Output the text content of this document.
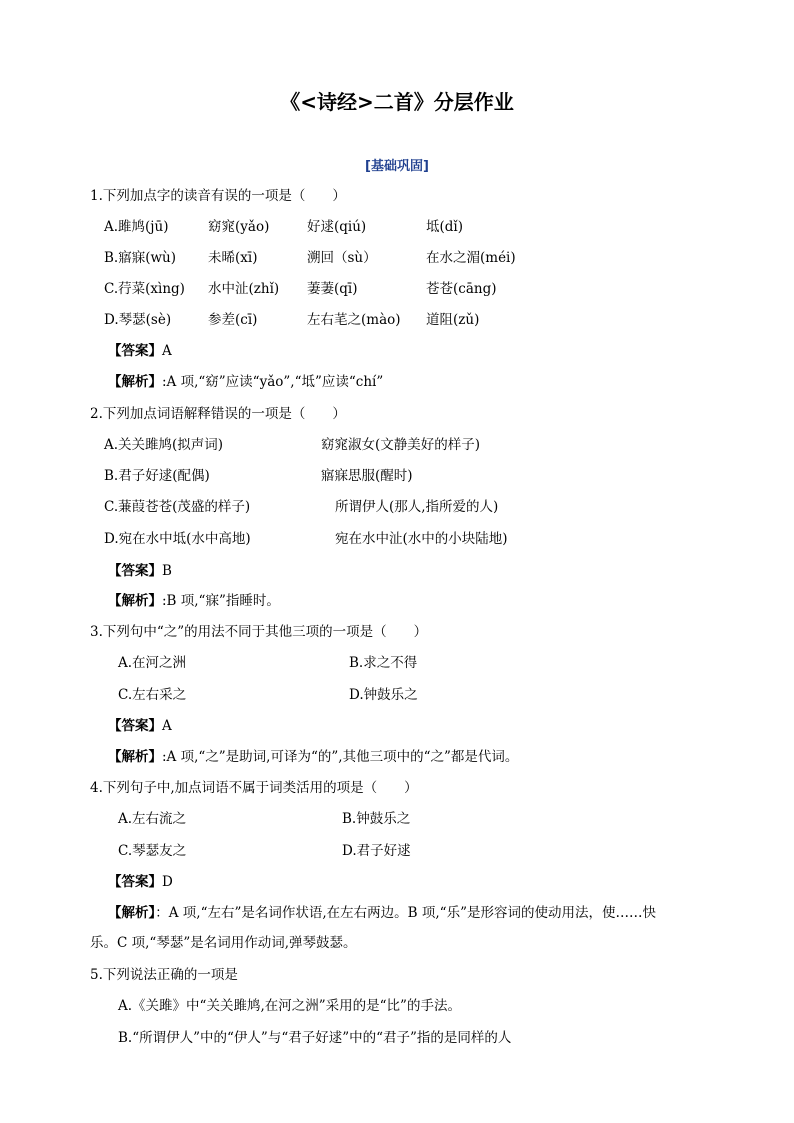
《<诗经>二首》分层作业
[基础巩固]
1.下列加点字的读音有误的一项是（　　）
A.雎鸠(jū)	窈窕(yǎo)	好逑(qiú)	坻(dǐ)
B.寤寐(wù) 未晞(xī)	溯回（sù）	在水之湄(méi)
C.荇菜(xìng) 水中沚(zhǐ) 萋萋(qī)	苍苍(cāng)
D.琴瑟(sè)	参差(cī)	左右芼之(mào) 道阻(zǔ)
【答案】A
【解析】:A 项,“窈”应读“yǎo”,“坻”应读“chí”
2.下列加点词语解释错误的一项是（　　）
A.关关雎鸠(拟声词)	窈窕淑女(文静美好的样子)
B.君子好逑(配偶)	寤寐思服(醒时)
C.蒹葭苍苍(茂盛的样子)	所谓伊人(那人,指所爱的人)
D.宛在水中坻(水中高地)	宛在水中沚(水中的小块陆地)
【答案】B
【解析】:B 项,“寐”指睡时。
3.下列句中“之”的用法不同于其他三项的一项是（　　）
A.在河之洲	B.求之不得
C.左右采之	D.钟鼓乐之
【答案】A
【解析】:A 项,“之”是助词,可译为“的”,其他三项中的“之”都是代词。
4.下列句子中,加点词语不属于词类活用的项是（　　）
A.左右流之	B.钟鼓乐之
C.琴瑟友之	D.君子好逑
【答案】D
【解析】：A 项,“左右”是名词作状语,在左右两边。B 项,“乐”是形容词的使动用法，使……快
乐。C 项,“琴瑟”是名词用作动词,弹琴鼓瑟。
5.下列说法正确的一项是
A.《关雎》中“关关雎鸠,在河之洲”采用的是“比”的手法。
B.“所谓伊人”中的“伊人”与“君子好逑”中的“君子”指的是同样的人
